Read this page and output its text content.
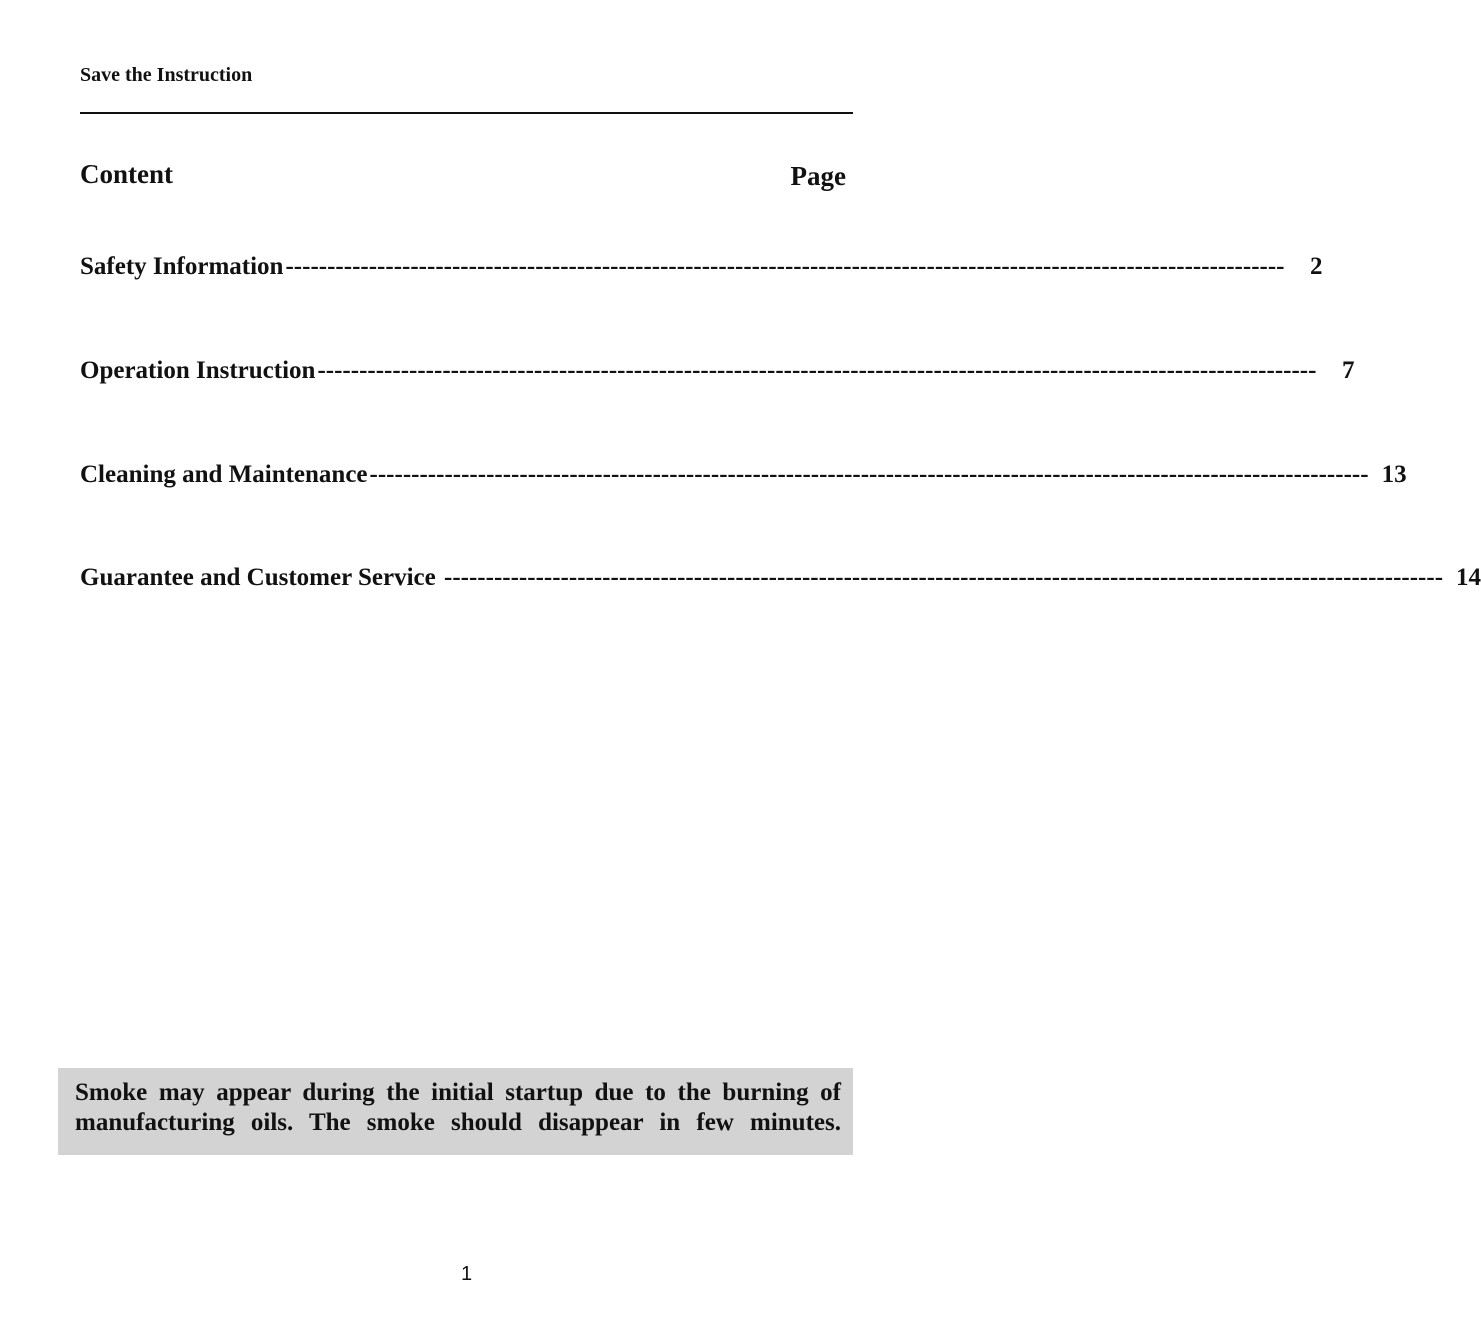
Save the Instruction
Content	Page
Safety Information ------------------------------------------------------------------------------------------------------------------------	2
Operation Instruction ------------------------------------------------------------------------------------------------------------------------	7
Cleaning and Maintenance ------------------------------------------------------------------------------------------------------------------------ 13
Guarantee and Customer Service ------------------------------------------------------------------------------------------------------------------------ 14
Smoke may appear during the initial startup due to the burning of
manufacturing oils. The smoke should disappear in few minutes.
1
